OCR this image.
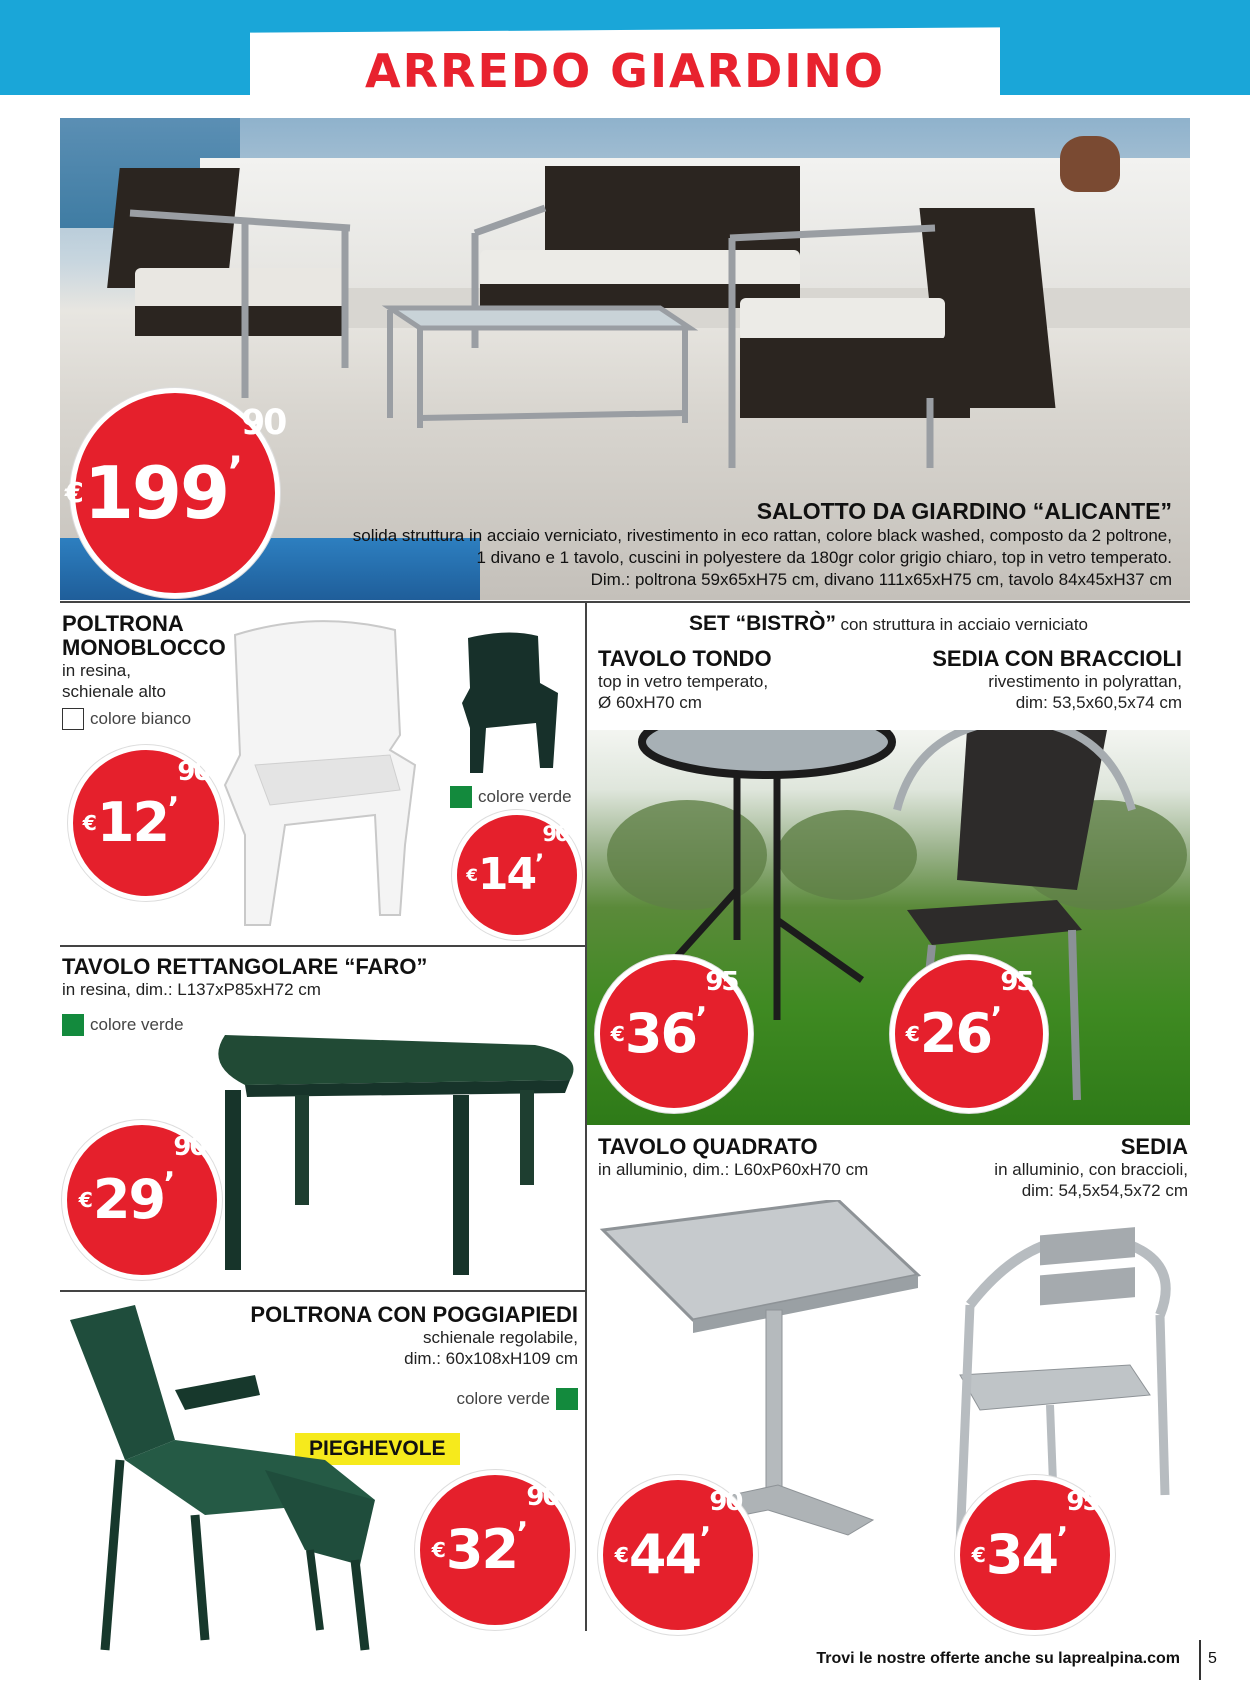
ARREDO GIARDINO
SALOTTO DA GIARDINO “ALICANTE”
solida struttura in acciaio verniciato, rivestimento in eco rattan, colore black washed, composto da 2 poltrone,
1 divano e 1 tavolo, cuscini in polyestere da 180gr color grigio chiaro, top in vetro temperato.
Dim.: poltrona 59x65xH75 cm, divano 111x65xH75 cm, tavolo 84x45xH37 cm
€ 199
,
90
POLTRONA
MONOBLOCCO
in resina,
schienale alto
colore bianco
colore verde
€ 12 ,
90
€ 14 ,
90
TAVOLO RETTANGOLARE “FARO”
in resina, dim.: L137xP85xH72 cm
colore verde
€ 29
,
90
POLTRONA CON POGGIAPIEDI
schienale regolabile,
dim.: 60x108xH109 cm
colore verde
PIEGHEVOLE
€ 32
,
90
SET “BISTRÒ” con struttura in acciaio verniciato
TAVOLO TONDO
top in vetro temperato,
Ø 60xH70 cm
SEDIA CON BRACCIOLI
rivestimento in polyrattan,
dim: 53,5x60,5x74 cm
€ 36 ,
95
€ 26 ,
95
TAVOLO QUADRATO
in alluminio, dim.: L60xP60xH70 cm
€ 44
,
90
SEDIA
in alluminio, con braccioli,
dim: 54,5x54,5x72 cm
€ 34
,
95
Trovi le nostre offerte anche su laprealpina.com 5
